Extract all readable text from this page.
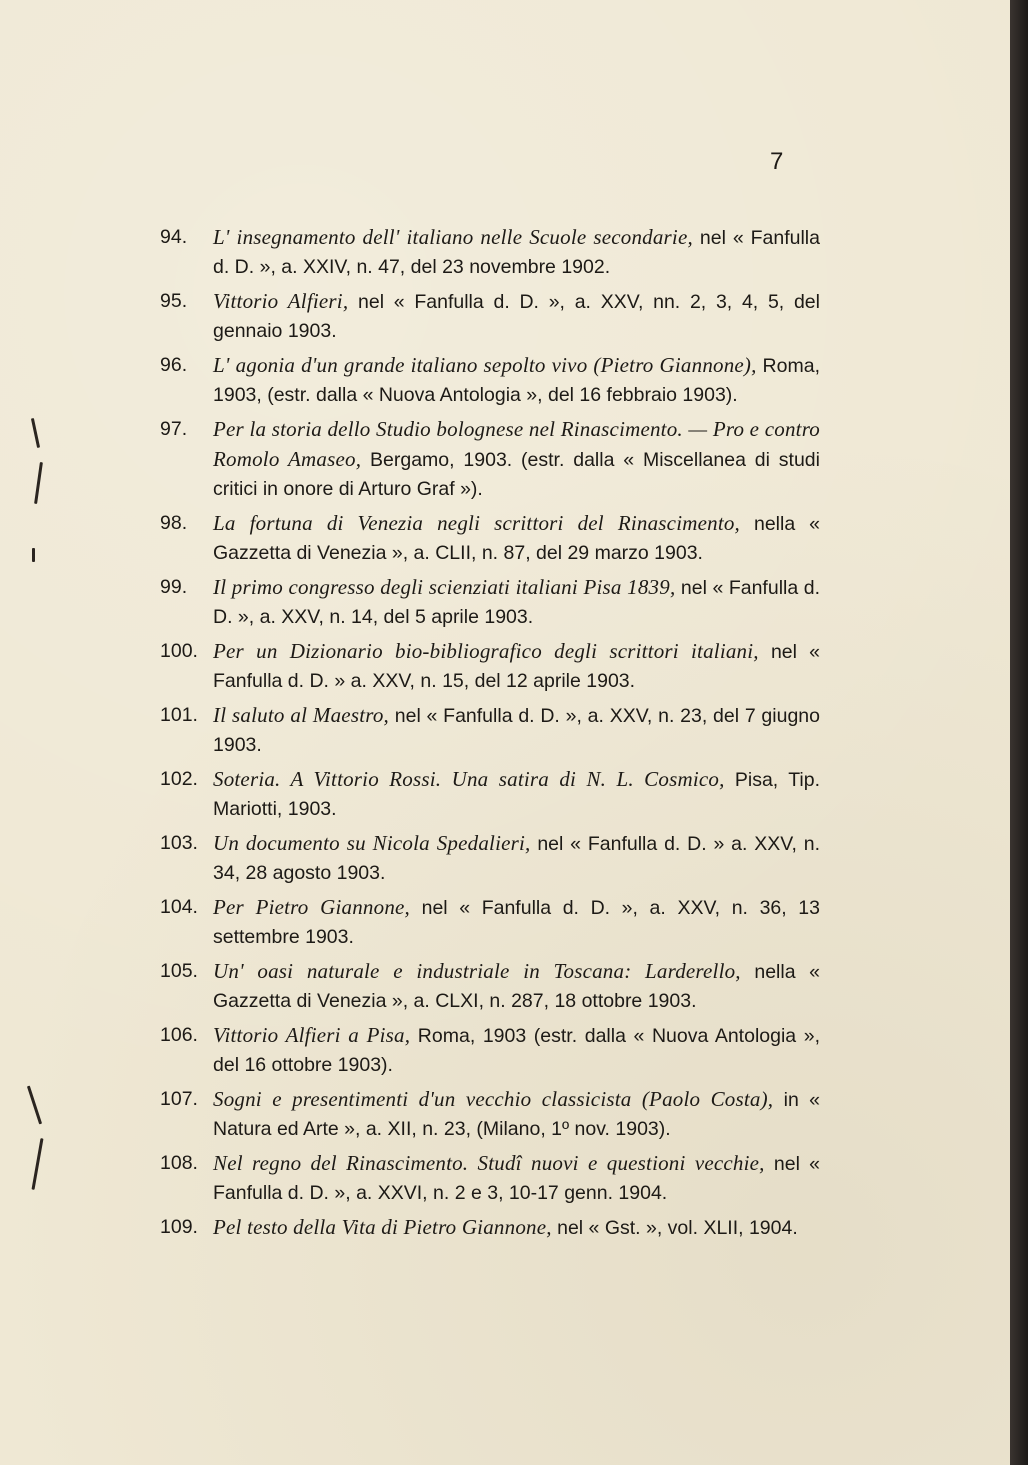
7
94.	L' insegnamento dell' italiano nelle Scuole secondarie, nel « Fanfulla d. D. », a. XXIV, n. 47, del 23 novembre 1902.
95.	Vittorio Alfieri, nel « Fanfulla d. D. », a. XXV, nn. 2, 3, 4, 5, del gennaio 1903.
96.	L' agonia d'un grande italiano sepolto vivo (Pietro Giannone), Roma, 1903, (estr. dalla « Nuova Antologia », del 16 febbraio 1903).
97.	Per la storia dello Studio bolognese nel Rinascimento. — Pro e contro Romolo Amaseo, Bergamo, 1903. (estr. dalla « Miscellanea di studi critici in onore di Arturo Graf »).
98.	La fortuna di Venezia negli scrittori del Rinascimento, nella « Gazzetta di Venezia », a. CLII, n. 87, del 29 marzo 1903.
99.	Il primo congresso degli scienziati italiani Pisa 1839, nel « Fanfulla d. D. », a. XXV, n. 14, del 5 aprile 1903.
100. Per un Dizionario bio-bibliografico degli scrittori italiani, nel « Fanfulla d. D. » a. XXV, n. 15, del 12 aprile 1903.
101. Il saluto al Maestro, nel « Fanfulla d. D. », a. XXV, n. 23, del 7 giugno 1903.
102. Soteria. A Vittorio Rossi. Una satira di N. L. Cosmico, Pisa, Tip. Mariotti, 1903.
103. Un documento su Nicola Spedalieri, nel « Fanfulla d. D. » a. XXV, n. 34, 28 agosto 1903.
104. Per Pietro Giannone, nel « Fanfulla d. D. », a. XXV, n. 36, 13 settembre 1903.
105. Un' oasi naturale e industriale in Toscana: Larderello, nella « Gazzetta di Venezia », a. CLXI, n. 287, 18 ottobre 1903.
106. Vittorio Alfieri a Pisa, Roma, 1903 (estr. dalla « Nuova Antologia », del 16 ottobre 1903).
107. Sogni e presentimenti d'un vecchio classicista (Paolo Costa), in « Natura ed Arte », a. XII, n. 23, (Milano, 1º nov. 1903).
108. Nel regno del Rinascimento. Studî nuovi e questioni vecchie, nel « Fanfulla d. D. », a. XXVI, n. 2 e 3, 10-17 genn. 1904.
109. Pel testo della Vita di Pietro Giannone, nel « Gst. », vol. XLII, 1904.
